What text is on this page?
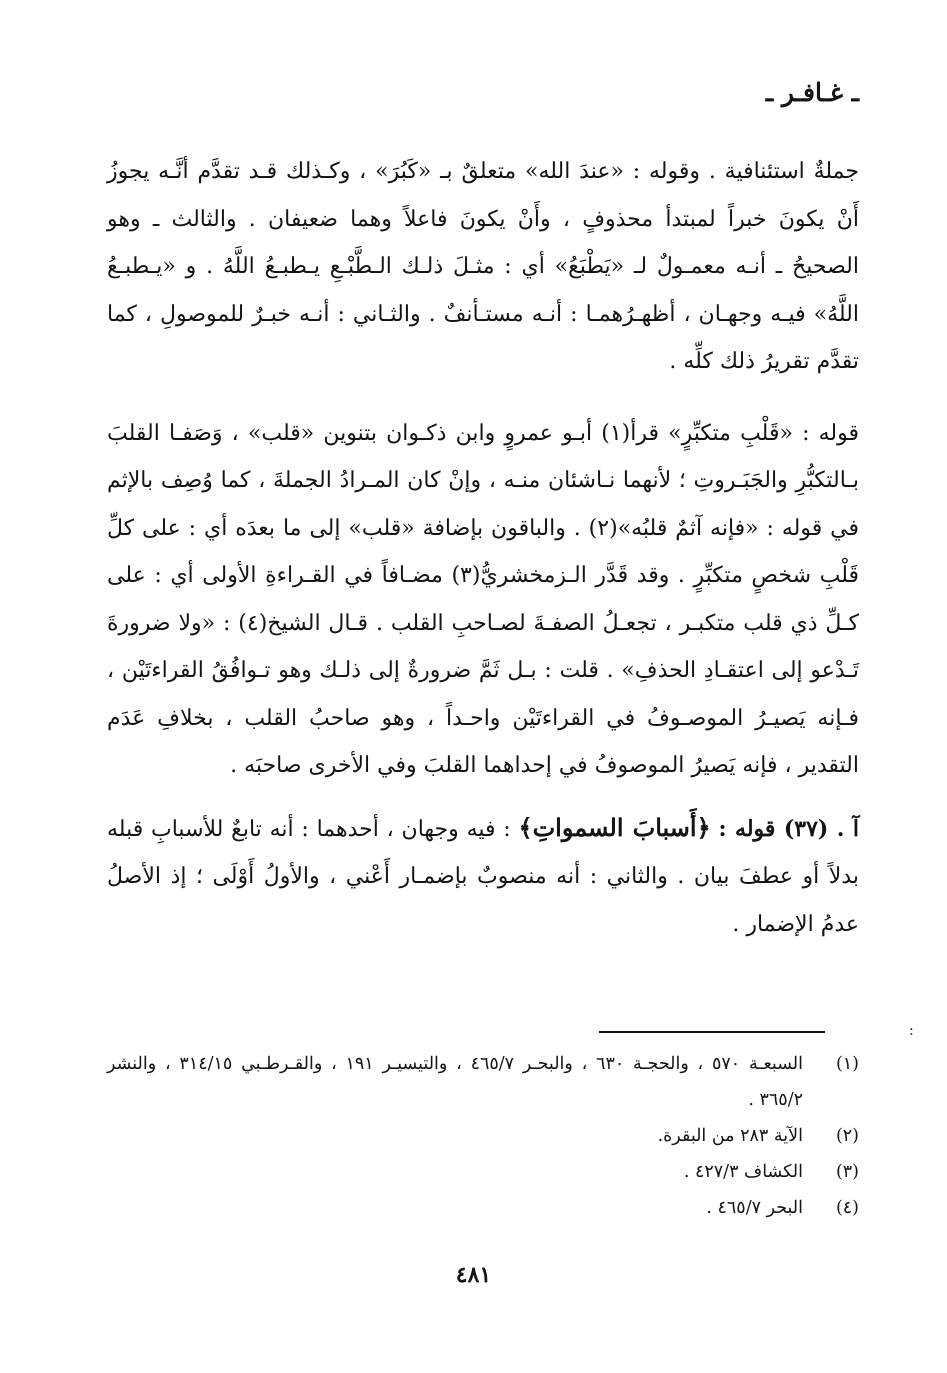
ـ غـافـر ـ

جملةٌ استئنافية . وقوله : «عندَ الله» متعلقٌ بـ «كَبُرَ» ، وكـذلك قـد تقدَّم أنَّـه يجوزُ أَنْ يكونَ خبراً لمبتدأ محذوفٍ ، وأَنْ يكونَ فاعلاً وهما ضعيفان . والثالث ـ وهو الصحيحُ ـ أنـه معمـولٌ لـ «يَطْبَعُ» أي : مثـلَ ذلـك الـطَّبْـعِ يـطبـعُ اللَّهُ . و «يـطبـعُ اللَّهُ» فيـه وجهـان ، أظهـرُهمـا : أنـه مستـأنفٌ . والثـاني : أنـه خبـرٌ للموصولِ ، كما تقدَّم تقريرُ ذلك كلِّه .

قوله : «قَلْبِ متكبِّرٍ» قرأ(١) أبـو عمروٍ وابن ذكـوان بتنوين «قلب» ، وَصَفـا القلبَ بـالتكبُّرِ والجَبَـروتِ ؛ لأنهما نـاشئان منـه ، وإنْ كان المـرادُ الجملةَ ، كما وُصِف بالإثم في قوله : «فإنه آثمٌ قلبُه»(٢) . والباقون بإضافة «قلب» إلى ما بعدَه أي : على كلِّ قَلْبِ شخصٍ متكبِّرٍ . وقد قَدَّر الـزمخشريُّ(٣) مضـافاً في القـراءةِ الأولى أي : على كـلِّ ذي قلب متكبـر ، تجعـلُ الصفـةَ لصـاحبِ القلب . قـال الشيخ(٤) : «ولا ضرورةَ تَـدْعو إلى اعتقـادِ الحذفِ» . قلت : بـل ثَمَّ ضرورةٌ إلى ذلـك وهو تـوافُقُ القراءتَيْن ، فـإنه يَصيـرُ الموصـوفُ في القراءتَيْن واحـداً ، وهو صاحبُ القلب ، بخلافِ عَدَم التقدير ، فإنه يَصيرُ الموصوفُ في إحداهما القلبَ وفي الأخرى صاحبَه .

آ . (٣٧) قوله : ﴿أَسبابَ السمواتِ﴾ : فيه وجهان ، أحدهما : أنه تابعٌ للأسبابِ قبله بدلاً أو عطفَ بيان . والثاني : أنه منصوبٌ بإضمـار أَعْني ، والأولُ أَوْلَى ؛ إذ الأصلُ عدمُ الإضمار .

:
(١)
السبعـة ٥٧٠ ، والحجـة ٦٣٠ ، والبحـر ٤٦٥/٧ ، والتيسيـر ١٩١ ، والقـرطـبي ٣١٤/١٥ ، والنشر ٣٦٥/٢ .
(٢)
الآية ٢٨٣ من البقرة.
(٣)
الكشاف ٤٢٧/٣ .
(٤)
البحر ٤٦٥/٧ .
٤٨١
